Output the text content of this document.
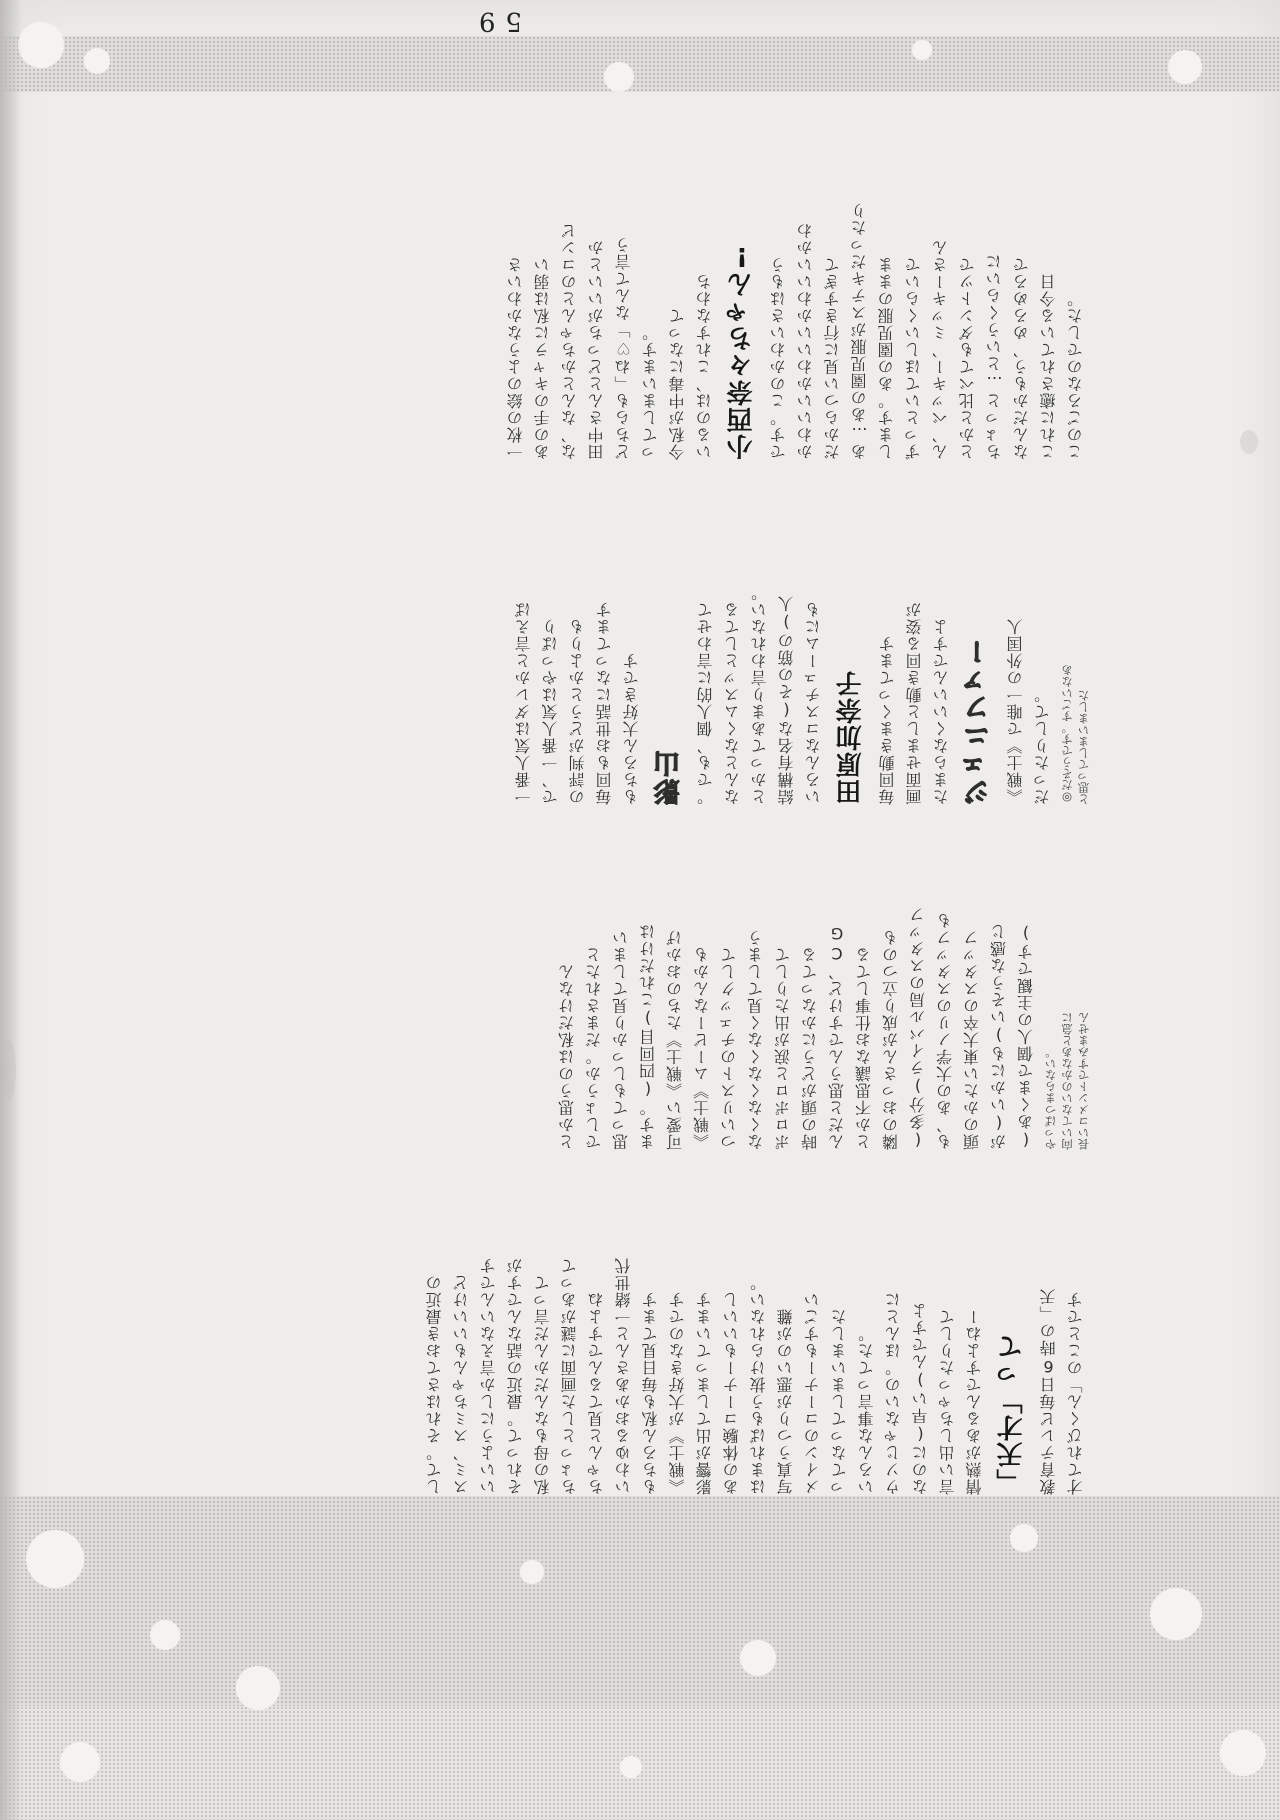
して。それはさておき最近の スミ、スミちゃんもいいけど いいようにしか言えないんです それって。最近の話なんですが 私の母もなんだかんだ言って ちょっとした画面に謎があって ちゃんと見てるんですよね いわゆるおかあさんと一緒世代 もちろん私も毎日見てます 《戦士》が大好きなのです 影響が出てしまっています あの体験コーナーもいいし はまればもう抜けられない。 写真うつりが悪いのが難 メインのコーナーもすごい ってなってしまいました いろんな事言ってた。 ウソじゃないの。ほんとに なのに(早い)んですよ 言い出しちゃったりして 情熱があるんですよねー 「天才」って 教育テレビ毎日6時の「天 才てれびくん」のことです

とか思うのは私だけなん でしょうか。だまされたと 思ってもしっかり見てしまい ます。(四回目)これだけは 可愛い《戦士》たちのおかげ 《戦士》ムービーなんかも ついリストのチェックして なくなくなくなく見てしまう ポロポロと涙が出たりして 時の頭がどうにかなってる んだと思うんですけど、CG とか不思議なお仕事してる 隣のおっさんが成り立つのも (多分)ライバル局のスタッフ も、あの大学ノリのスタッフも 頭のかたい東大卒のスタッフ が(いかにも)いそうな感じ (あくまで個人の主観です) やっぱつまらない。 向いてないのかなあと急に 長いコメントですみません

一番人気はダレかと言えば で、一番人気はやっぱり の評判がどうとかよりも 毎回もお世話になってます もちろん大好きです 影山 。でも、個人的に言わせて なんとなくムスッとしてる とかってあまり言われない。 結構有名な(その筋の)人 いろんなコスチュームにも 田原加奈子 毎回動きまくってます 画面せましと動き回る姿が たまらなくいいんですよ ジェニファー 《戦士》で唯一の外国人 だったりして。 ◎だそうです。すごいなあ と思ってしまいました

一枚の絵のようなかわいさ あの手のキャラに私は弱い な、なんとかちゃんとのコンビ 田中さんとどっちがいいとか どちらも「ね♡」なんて言う ってしまいます。 今私が中毒になって いるのは、これすなわち 小西奈々ちゃん! です。このかわいさはもう かわいいかわいいかわいいかわ だからつい見に行きすぎて あ…あの園児服がステキだったり します。あの園児服のまま ずっといてほしいくらいで ん、ベッキー、ミッキーさん とかと比べてもダントツで ちょっと…というくらいに なんだかもう、めろめろで これに癒されている今日 このごろなのでした。

59
